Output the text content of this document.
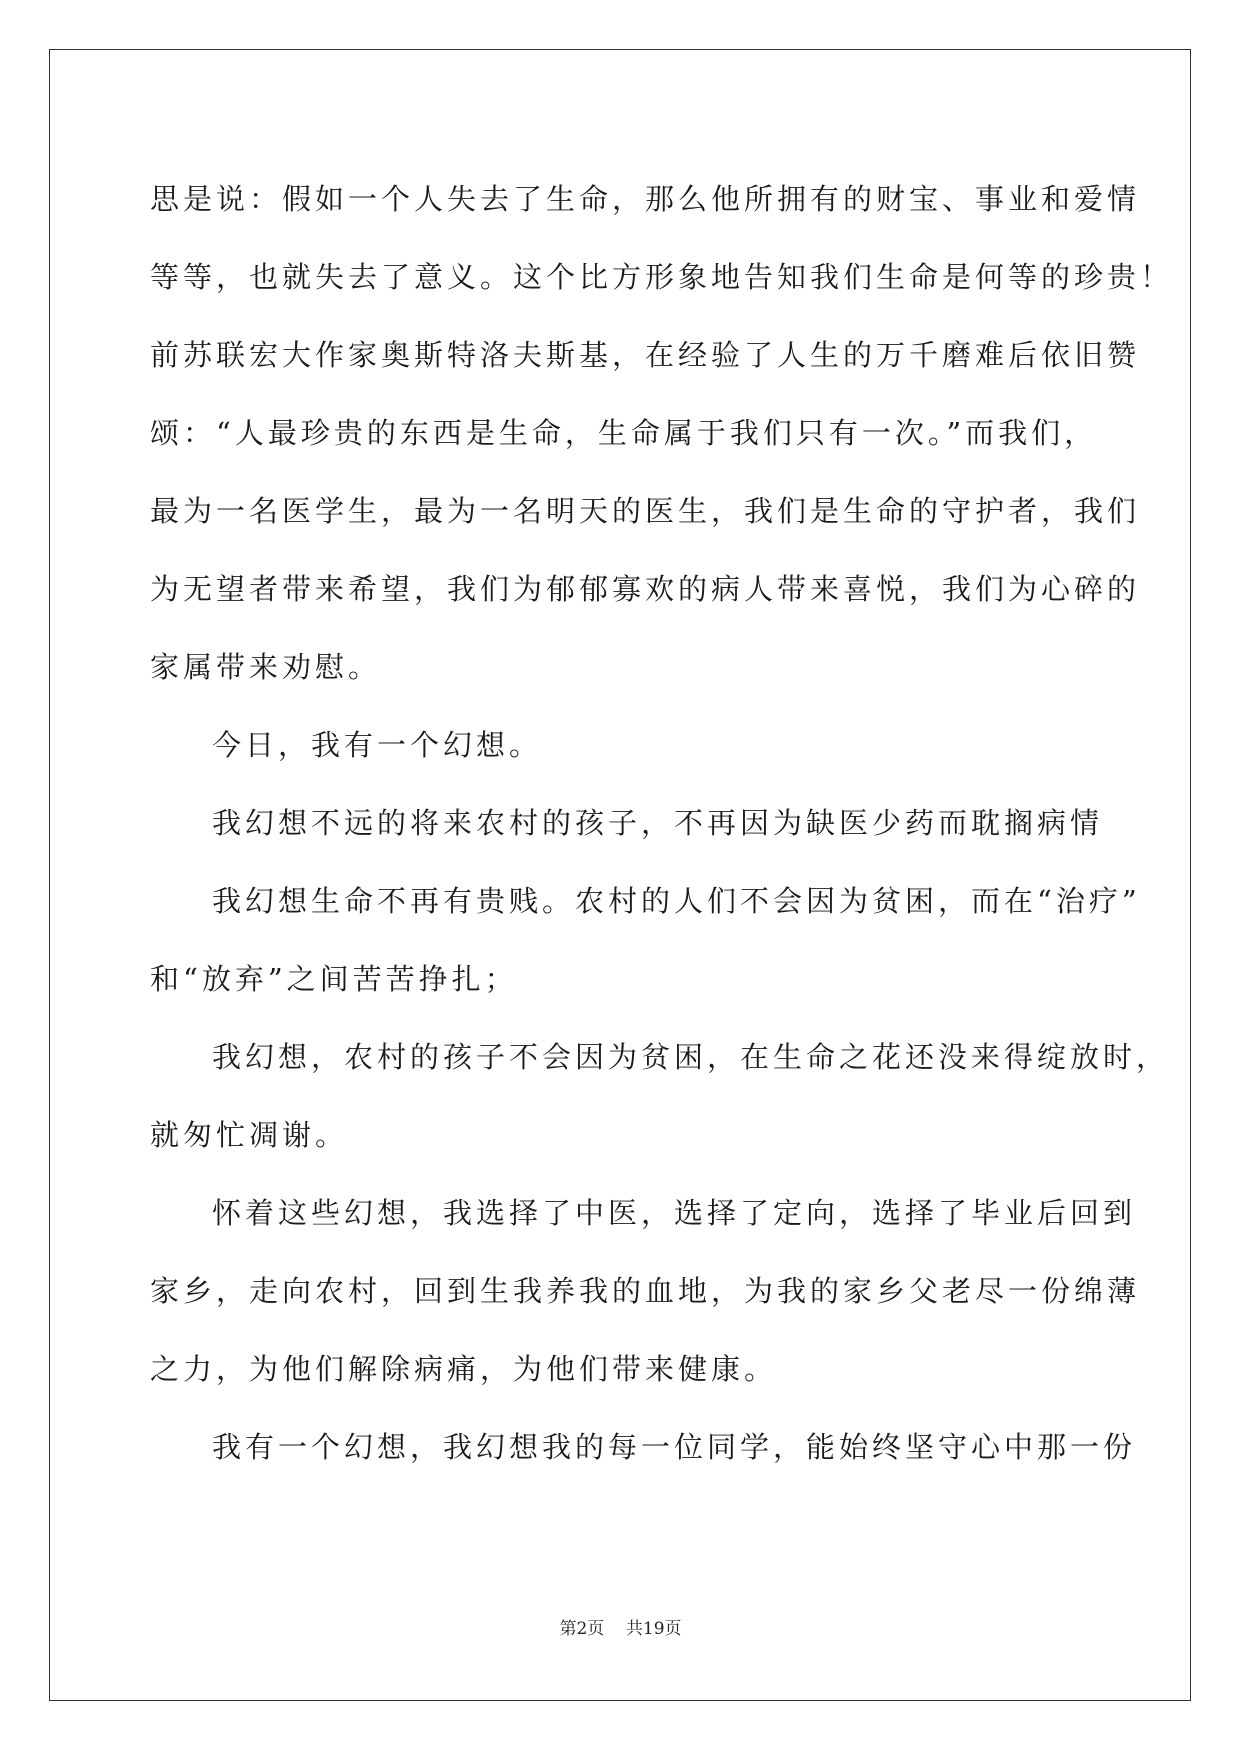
思是说：假如一个人失去了生命，那么他所拥有的财宝、事业和爱情
等等，也就失去了意义。这个比方形象地告知我们生命是何等的珍贵！
前苏联宏大作家奥斯特洛夫斯基，在经验了人生的万千磨难后依旧赞
颂：“人最珍贵的东西是生命，生命属于我们只有一次。”而我们，
最为一名医学生，最为一名明天的医生，我们是生命的守护者，我们
为无望者带来希望，我们为郁郁寡欢的病人带来喜悦，我们为心碎的
家属带来劝慰。
今日，我有一个幻想。
我幻想不远的将来农村的孩子，不再因为缺医少药而耽搁病情
我幻想生命不再有贵贱。农村的人们不会因为贫困，而在“治疗”
和“放弃”之间苦苦挣扎；
我幻想，农村的孩子不会因为贫困，在生命之花还没来得绽放时，
就匆忙凋谢。
怀着这些幻想，我选择了中医，选择了定向，选择了毕业后回到
家乡，走向农村，回到生我养我的血地，为我的家乡父老尽一份绵薄
之力，为他们解除病痛，为他们带来健康。
我有一个幻想，我幻想我的每一位同学，能始终坚守心中那一份
第2页 共19页
